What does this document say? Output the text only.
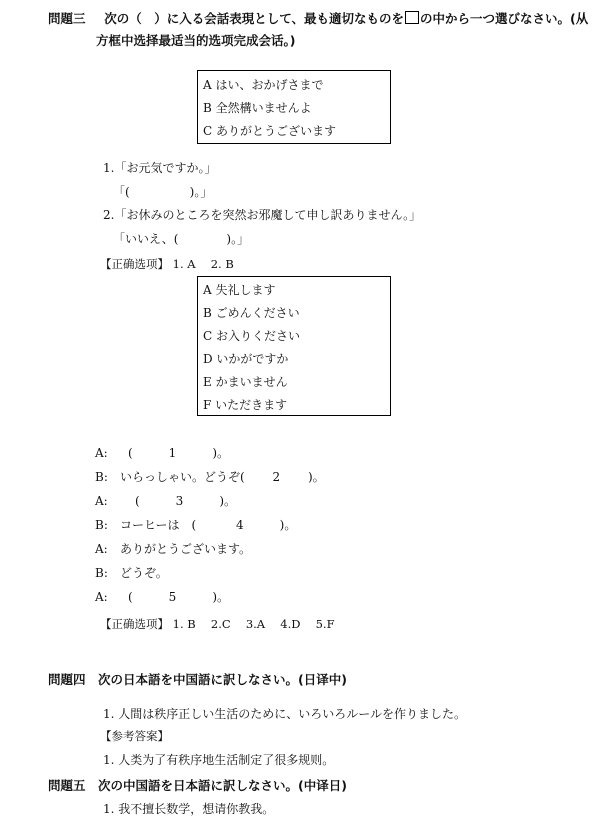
問題三 次の（　）に入る会話表現として、最も適切なものを の中から一つ選びなさい。(从
方框中选择最适当的选项完成会话。)
A はい、おかげさまで
B 全然構いませんよ
C ありがとうございます
1.「お元気ですか。」
「(　　　　　)。」
2.「お休みのところを突然お邪魔して申し訳ありません。」
「いいえ、(　　　　)。」
【正确选项】 1. A　 2. B
A 失礼します
B ごめんください
C お入りください
D いかがですか
E かまいません
F いただきます
A: (　　　1　　　)。
B: いらっしゃい。どうぞ(　　 2　　 )。
A: (　　　3　　　)。
B: コーヒーは　(　　　 4　　　)。
A: ありがとうございます。
B: どうぞ。
A: (　　　5　　　)。
【正确选项】 1. B　 2.C　 3.A　 4.D　 5.F
問題四　次の日本語を中国語に訳しなさい。(日译中)
1. 人間は秩序正しい生活のために、いろいろルールを作りました。
【参考答案】
1. 人类为了有秩序地生活制定了很多规则。
問題五　次の中国語を日本語に訳しなさい。(中译日)
1. 我不擅长数学，想请你教我。
